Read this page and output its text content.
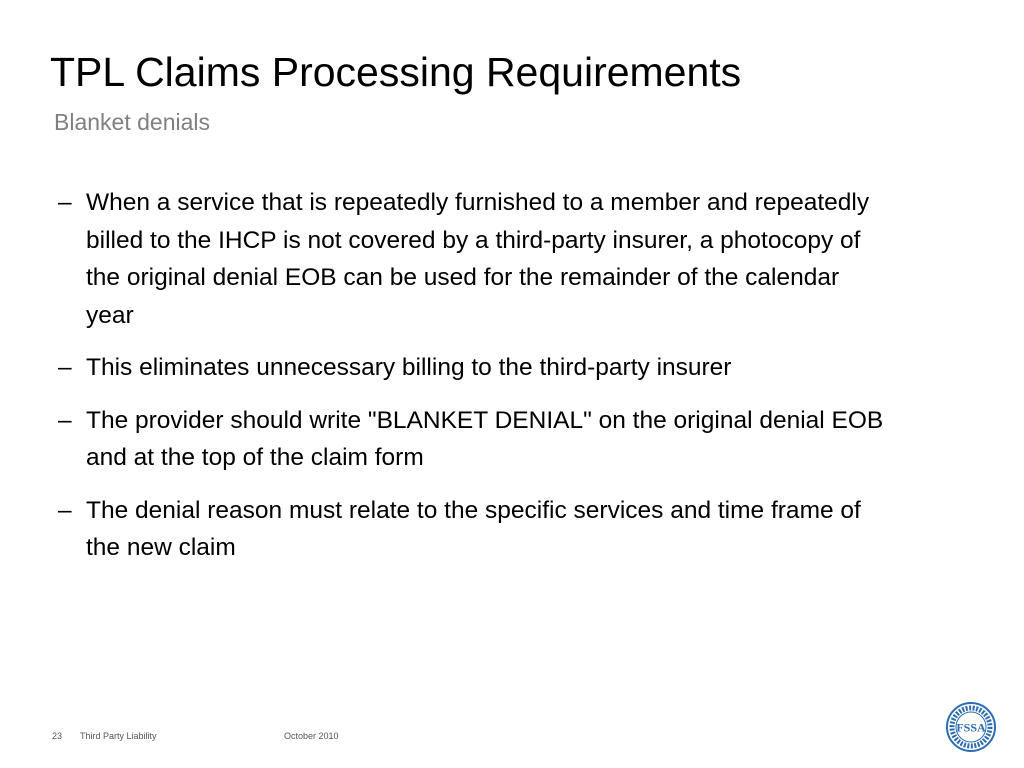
TPL Claims Processing Requirements
Blanket denials
– When a service that is repeatedly furnished to a member and repeatedly billed to the IHCP is not covered by a third-party insurer, a photocopy of the original denial EOB can be used for the remainder of the calendar year
– This eliminates unnecessary billing to the third-party insurer
– The provider should write "BLANKET DENIAL" on the original denial EOB and at the top of the claim form
– The denial reason must relate to the specific services and time frame of the new claim
23 Third Party Liability	October 2010
FSSA
